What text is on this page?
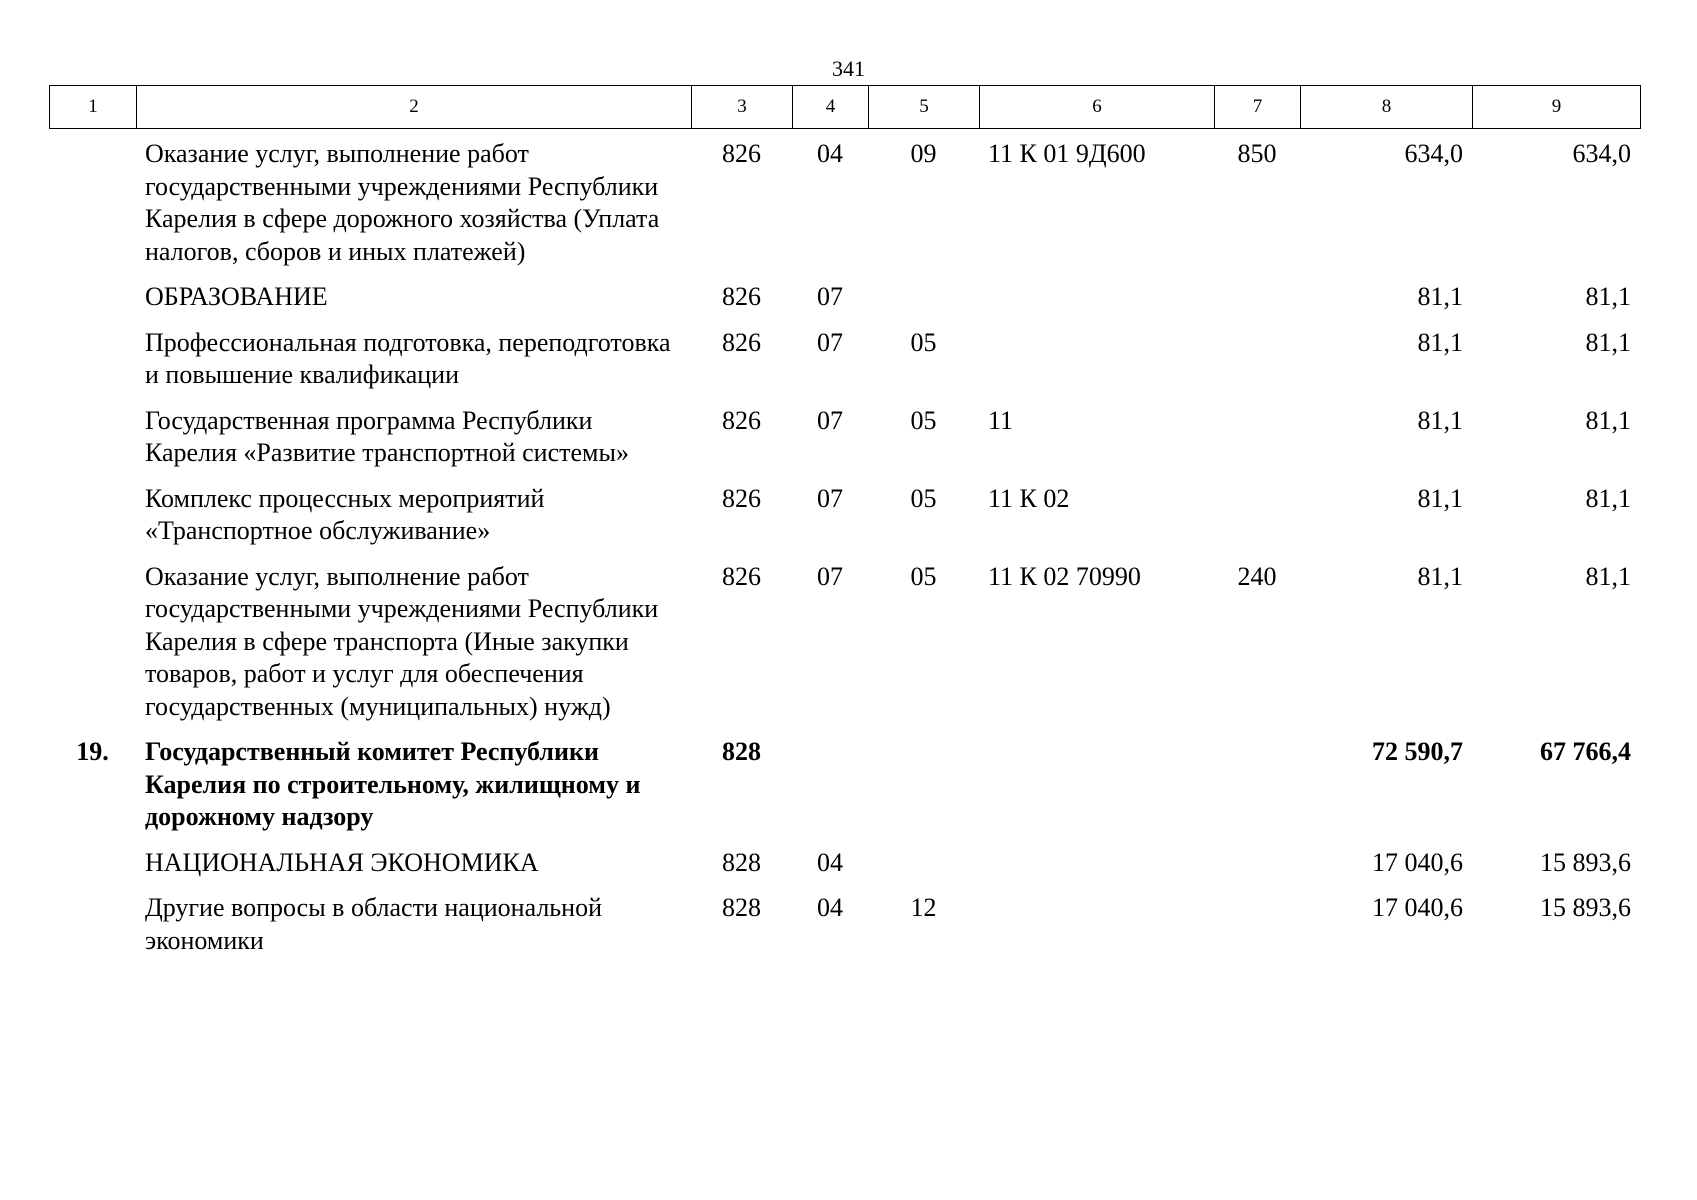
341
1	2	3	4	5	6	7	8	9
	Оказание услуг, выполнение работ государственными учреждениями Республики Карелия в сфере дорожного хозяйства (Уплата налогов, сборов и иных платежей)	826	04	09	11 К 01 9Д600	850	634,0	634,0
	ОБРАЗОВАНИЕ	826	07				81,1	81,1
	Профессиональная подготовка, переподготовка и повышение квалификации	826	07	05			81,1	81,1
	Государственная программа Республики Карелия «Развитие транспортной системы»	826	07	05	11		81,1	81,1
	Комплекс процессных мероприятий «Транспортное обслуживание»	826	07	05	11 К 02		81,1	81,1
	Оказание услуг, выполнение работ государственными учреждениями Республики Карелия в сфере транспорта (Иные закупки товаров, работ и услуг для обеспечения государственных (муниципальных) нужд)	826	07	05	11 К 02 70990	240	81,1	81,1
19.	Государственный комитет Республики Карелия по строительному, жилищному и дорожному надзору	828					72 590,7	67 766,4
	НАЦИОНАЛЬНАЯ ЭКОНОМИКА	828	04				17 040,6	15 893,6
	Другие вопросы в области национальной экономики	828	04	12			17 040,6	15 893,6
